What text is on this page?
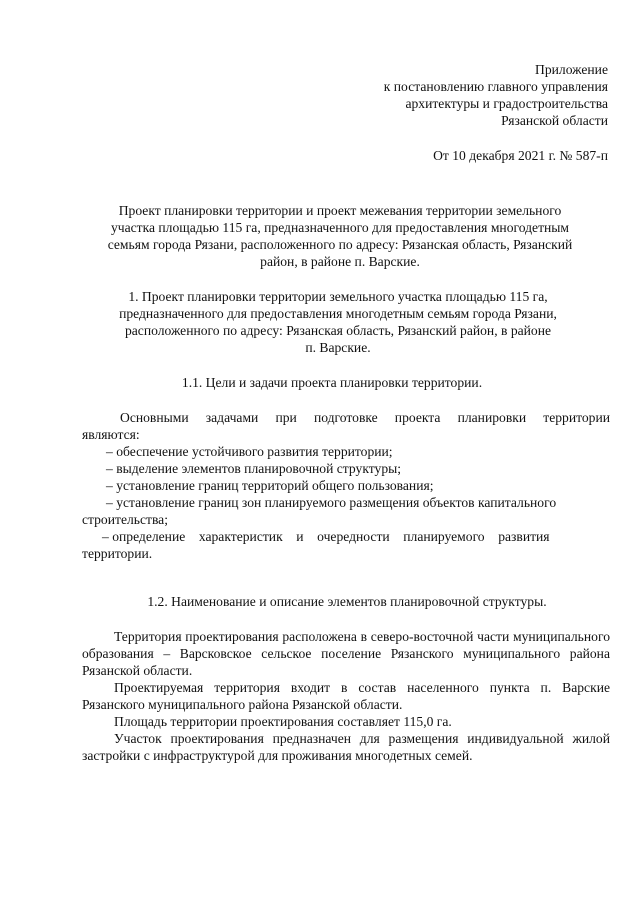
Приложение
к постановлению главного управления
архитектуры и градостроительства
Рязанской области
От 10 декабря 2021 г. № 587-п
Проект планировки территории и проект межевания территории земельного
участка площадью 115 га, предназначенного для предоставления многодетным
семьям города Рязани, расположенного по адресу: Рязанская область, Рязанский
район, в районе п. Варские.
1. Проект планировки территории земельного участка площадью 115 га,
предназначенного для предоставления многодетным семьям города Рязани,
расположенного по адресу: Рязанская область, Рязанский район, в районе
п. Варские.
1.1. Цели и задачи проекта планировки территории.

Основными задачами при подготовке проекта планировки территории

являются:

– обеспечение устойчивого развития территории;

– выделение элементов планировочной структуры;

– установление границ территорий общего пользования;

– установление границ зон планируемого размещения объектов капитального

строительства;

– определение    характеристик    и    очередности    планируемого    развития

территории.

1.2. Наименование и описание элементов планировочной структуры.

Территория проектирования расположена в северо-восточной части муниципального образования – Варсковское сельское поселение Рязанского муниципального района Рязанской области.

Проектируемая территория входит в состав населенного пункта п. Варские Рязанского муниципального района Рязанской области.

Площадь территории проектирования составляет 115,0 га.

Участок проектирования предназначен для размещения индивидуальной жилой застройки с инфраструктурой для проживания многодетных семей.
